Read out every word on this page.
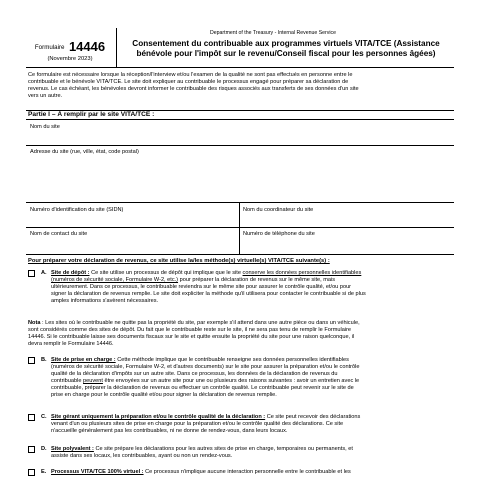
Formulaire 14446
(Novembre 2023)
Department of the Treasury - Internal Revenue Service
Consentement du contribuable aux programmes virtuels VITA/TCE (Assistance
bénévole pour l'impôt sur le revenu/Conseil fiscal pour les personnes âgées)
Ce formulaire est nécessaire lorsque la réception/l'interview et/ou l'examen de la qualité ne sont pas effectués en personne entre le
contribuable et le bénévole VITA/TCE. Le site doit expliquer au contribuable le processus engagé pour préparer sa déclaration de
revenus. Le cas échéant, les bénévoles devront informer le contribuable des risques associés aux transferts de ses données d'un site
vers un autre.
Partie I – À remplir par le site VITA/TCE :
Nom du site
Adresse du site (rue, ville, état, code postal)
Numéro d'identification du site (SIDN)	Nom du coordinateur du site
Nom de contact du site	Numéro de téléphone du site
Pour préparer votre déclaration de revenus, ce site utilise la/les méthode(s) virtuelle(s) VITA/TCE suivante(s) :
A. Site de dépôt : Ce site utilise un processus de dépôt qui implique que le site conserve les données personnelles identifiables
(numéros de sécurité sociale, Formulaire W-2, etc.) pour préparer la déclaration de revenus sur le même site, mais
ultérieurement. Dans ce processus, le contribuable reviendra sur le même site pour assurer le contrôle qualité, et/ou pour
signer la déclaration de revenus remplie. Le site doit expliciter la méthode qu'il utilisera pour contacter le contribuable si de plus
amples informations s'avèrent nécessaires.
Nota : Les sites où le contribuable ne quitte pas la propriété du site, par exemple s'il attend dans une autre pièce ou dans un véhicule,
sont considérés comme des sites de dépôt. Du fait que le contribuable reste sur le site, il ne sera pas tenu de remplir le Formulaire
14446. Si le contribuable laisse ses documents fiscaux sur le site et quitte ensuite la propriété du site pour une raison quelconque, il
devra remplir le Formulaire 14446.
B. Site de prise en charge : Cette méthode implique que le contribuable renseigne ses données personnelles identifiables
(numéros de sécurité sociale, Formulaire W-2, et d'autres documents) sur le site pour assurer la préparation et/ou le contrôle
qualité de la déclaration d'impôts sur un autre site. Dans ce processus, les données de la déclaration de revenus du
contribuable peuvent être envoyées sur un autre site pour une ou plusieurs des raisons suivantes : avoir un entretien avec le
contribuable, préparer la déclaration de revenus ou effectuer un contrôle qualité. Le contribuable peut revenir sur le site de
prise en charge pour le contrôle qualité et/ou pour signer la déclaration de revenus remplie.
C. Site gérant uniquement la préparation et/ou le contrôle qualité de la déclaration : Ce site peut recevoir des déclarations
venant d'un ou plusieurs sites de prise en charge pour la préparation et/ou le contrôle qualité des déclarations. Ce site
n'accueille généralement pas les contribuables, ni ne donne de rendez-vous, dans leurs locaux.
D. Site polyvalent : Ce site prépare les déclarations pour les autres sites de prise en charge, temporaires ou permanents, et
assiste dans ses locaux, les contribuables, ayant ou non un rendez-vous.
E. Processus VITA/TCE 100% virtuel : Ce processus n'implique aucune interaction personnelle entre le contribuable et les
